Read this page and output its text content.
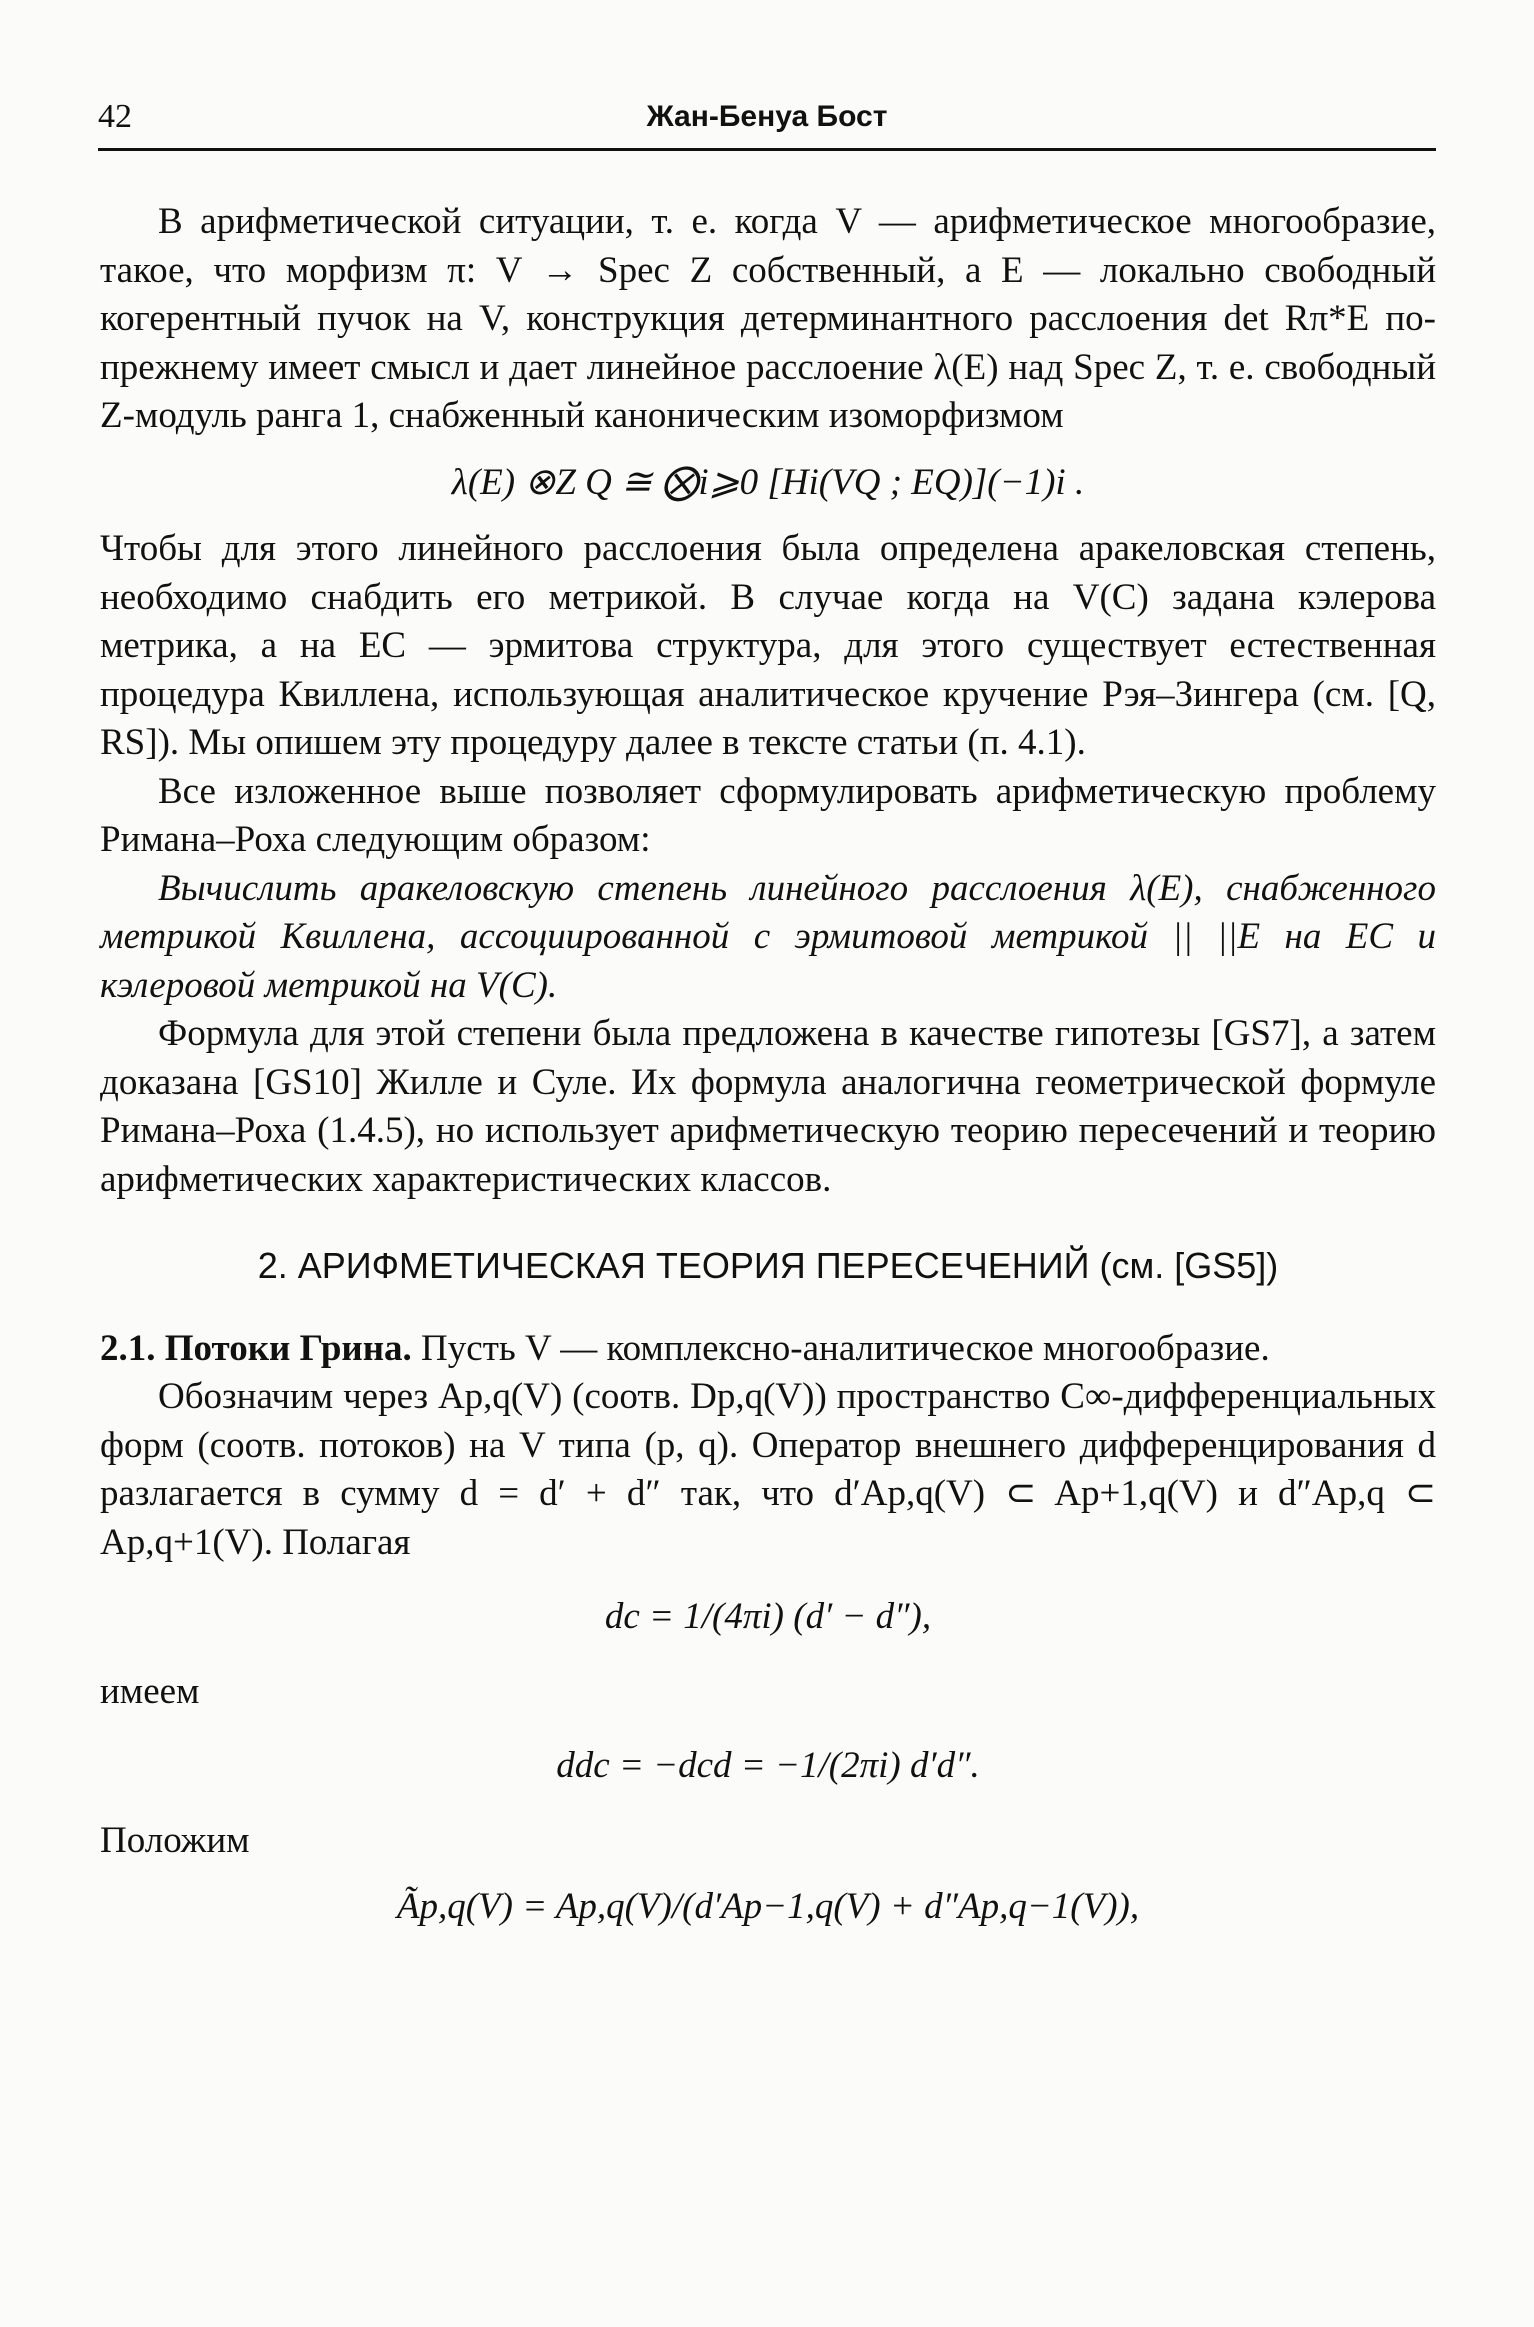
42	Жан-Бенуа Бост

В арифметической ситуации, т. е. когда V — арифметическое многообразие, такое, что морфизм π: V → Spec Z собственный, а E — локально свободный когерентный пучок на V, конструкция детерминантного расслоения det Rπ*E по-прежнему имеет смысл и дает линейное расслоение λ(E) над Spec Z, т. е. свободный Z-модуль ранга 1, снабженный каноническим изоморфизмом

λ(E) ⊗Z Q ≅ ⨂i⩾0 [Hi(VQ ; EQ)](−1)i .

Чтобы для этого линейного расслоения была определена аракеловская степень, необходимо снабдить его метрикой. В случае когда на V(C) задана кэлерова метрика, а на EC — эрмитова структура, для этого существует естественная процедура Квиллена, использующая аналитическое кручение Рэя–Зингера (см. [Q, RS]). Мы опишем эту процедуру далее в тексте статьи (п. 4.1).

Все изложенное выше позволяет сформулировать арифметическую проблему Римана–Роха следующим образом:

Вычислить аракеловскую степень линейного расслоения λ(E), снабженного метрикой Квиллена, ассоциированной с эрмитовой метрикой || ||E на EC и кэлеровой метрикой на V(C).

Формула для этой степени была предложена в качестве гипотезы [GS7], а затем доказана [GS10] Жилле и Суле. Их формула аналогична геометрической формуле Римана–Роха (1.4.5), но использует арифметическую теорию пересечений и теорию арифметических характеристических классов.

2. АРИФМЕТИЧЕСКАЯ ТЕОРИЯ ПЕРЕСЕЧЕНИЙ (см. [GS5])

2.1. Потоки Грина. Пусть V — комплексно-аналитическое многообразие.

Обозначим через Ap,q(V) (соотв. Dp,q(V)) пространство C∞-дифференциальных форм (соотв. потоков) на V типа (p, q). Оператор внешнего дифференцирования d разлагается в сумму d = d′ + d″ так, что d′Ap,q(V) ⊂ Ap+1,q(V) и d″Ap,q ⊂ Ap,q+1(V). Полагая

dc = 1/(4πi) (d′ − d″),

имеем

ddc = −dcd = −1/(2πi) d′d″.

Положим

Ãp,q(V) = Ap,q(V)/(d′Ap−1,q(V) + d″Ap,q−1(V)),
